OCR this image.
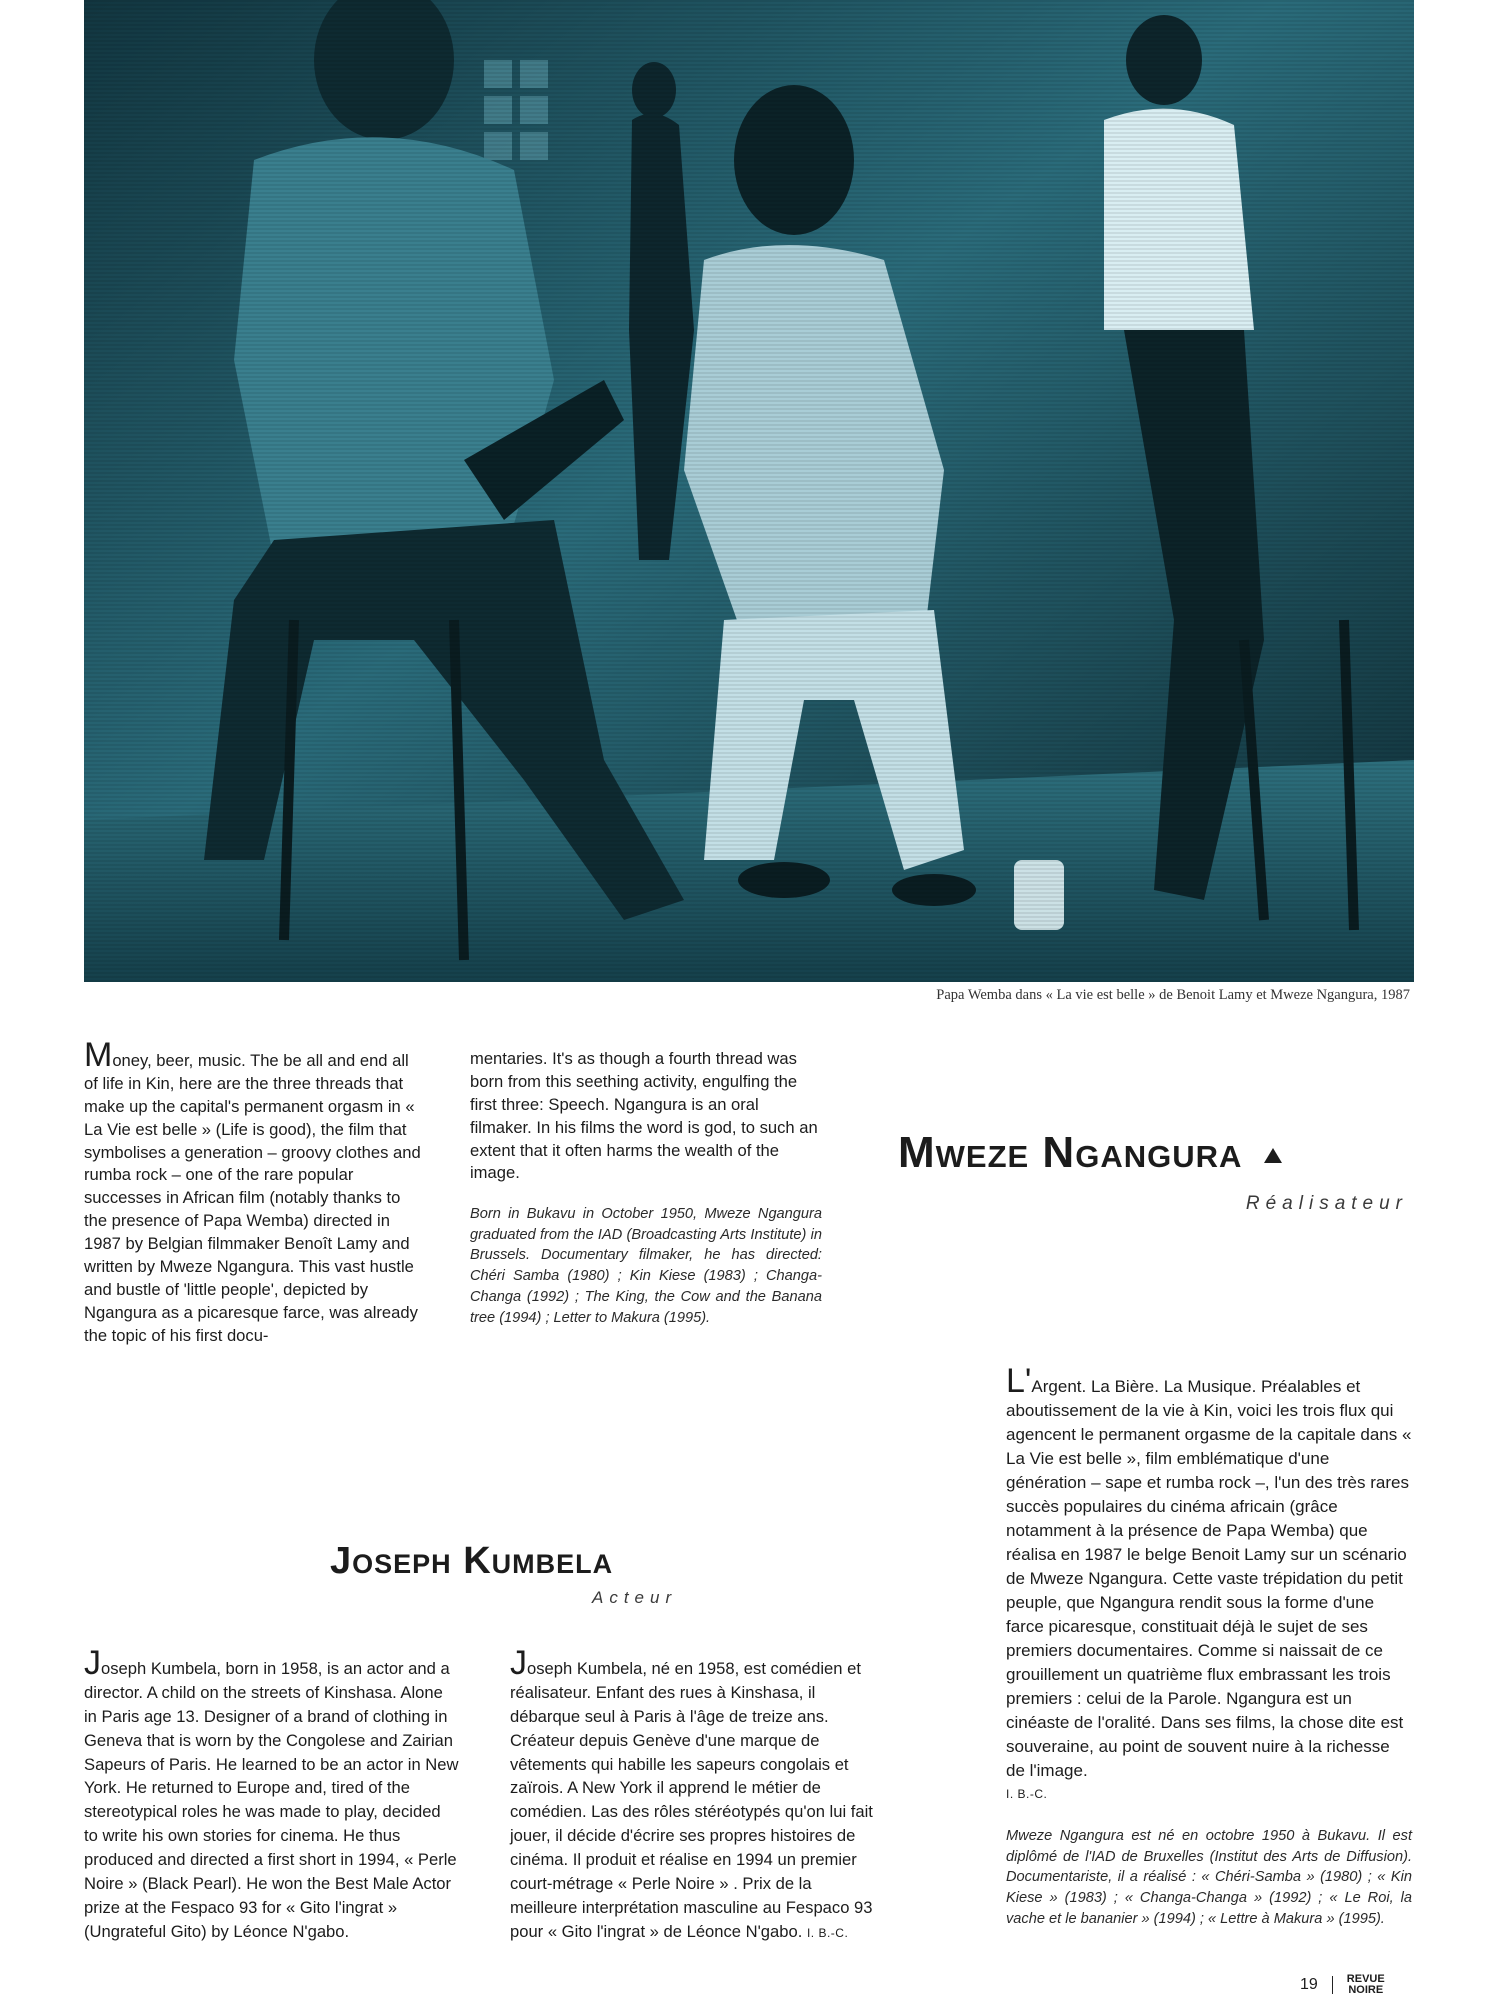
Papa Wemba dans « La vie est belle » de Benoit Lamy et Mweze Ngangura, 1987

Money, beer, music. The be all and end all of life in Kin, here are the three threads that make up the capital's permanent orgasm in « La Vie est belle » (Life is good), the film that symbolises a generation – groovy clothes and rumba rock – one of the rare popular successes in African film (notably thanks to the presence of Papa Wemba) directed in 1987 by Belgian filmmaker Benoît Lamy and written by Mweze Ngangura. This vast hustle and bustle of 'little people', depicted by Ngangura as a picaresque farce, was already the topic of his first docu-

mentaries. It's as though a fourth thread was born from this seething activity, engulfing the first three: Speech. Ngangura is an oral filmaker. In his films the word is god, to such an extent that it often harms the wealth of the image.

Born in Bukavu in October 1950, Mweze Ngangura graduated from the IAD (Broadcasting Arts Institute) in Brussels. Documentary filmaker, he has directed: Chéri Samba (1980) ; Kin Kiese (1983) ; Changa-Changa (1992) ; The King, the Cow and the Banana tree (1994) ; Letter to Makura (1995).
Mweze Ngangura
Réalisateur

L'Argent. La Bière. La Musique. Préalables et aboutissement de la vie à Kin, voici les trois flux qui agencent le permanent orgasme de la capitale dans « La Vie est belle », film emblématique d'une génération – sape et rumba rock –, l'un des très rares succès populaires du cinéma africain (grâce notamment à la présence de Papa Wemba) que réalisa en 1987 le belge Benoit Lamy sur un scénario de Mweze Ngangura. Cette vaste trépidation du petit peuple, que Ngangura rendit sous la forme d'une farce picaresque, constituait déjà le sujet de ses premiers documentaires. Comme si naissait de ce grouillement un quatrième flux embrassant les trois premiers : celui de la Parole. Ngangura est un cinéaste de l'oralité. Dans ses films, la chose dite est souveraine, au point de souvent nuire à la richesse de l'image.

I. B.-C.

Mweze Ngangura est né en octobre 1950 à Bukavu. Il est diplômé de l'IAD de Bruxelles (Institut des Arts de Diffusion). Documentariste, il a réalisé : « Chéri-Samba » (1980) ; « Kin Kiese » (1983) ; « Changa-Changa » (1992) ; « Le Roi, la vache et le bananier » (1994) ; « Lettre à Makura » (1995).
Joseph Kumbela
Acteur

Joseph Kumbela, born in 1958, is an actor and a director. A child on the streets of Kinshasa. Alone in Paris age 13. Designer of a brand of clothing in Geneva that is worn by the Congolese and Zairian Sapeurs of Paris. He learned to be an actor in New York. He returned to Europe and, tired of the stereotypical roles he was made to play, decided to write his own stories for cinema. He thus produced and directed a first short in 1994, « Perle Noire » (Black Pearl). He won the Best Male Actor prize at the Fespaco 93 for « Gito l'ingrat » (Ungrateful Gito) by Léonce N'gabo.

Joseph Kumbela, né en 1958, est comédien et réalisateur. Enfant des rues à Kinshasa, il débarque seul à Paris à l'âge de treize ans. Créateur depuis Genève d'une marque de vêtements qui habille les sapeurs congolais et zaïrois. A New York il apprend le métier de comédien. Las des rôles stéréotypés qu'on lui fait jouer, il décide d'écrire ses propres histoires de cinéma. Il produit et réalise en 1994 un premier court-métrage « Perle Noire » . Prix de la meilleure interprétation masculine au Fespaco 93 pour « Gito l'ingrat » de Léonce N'gabo. I. B.-C.

19	REVUE
NOIRE
